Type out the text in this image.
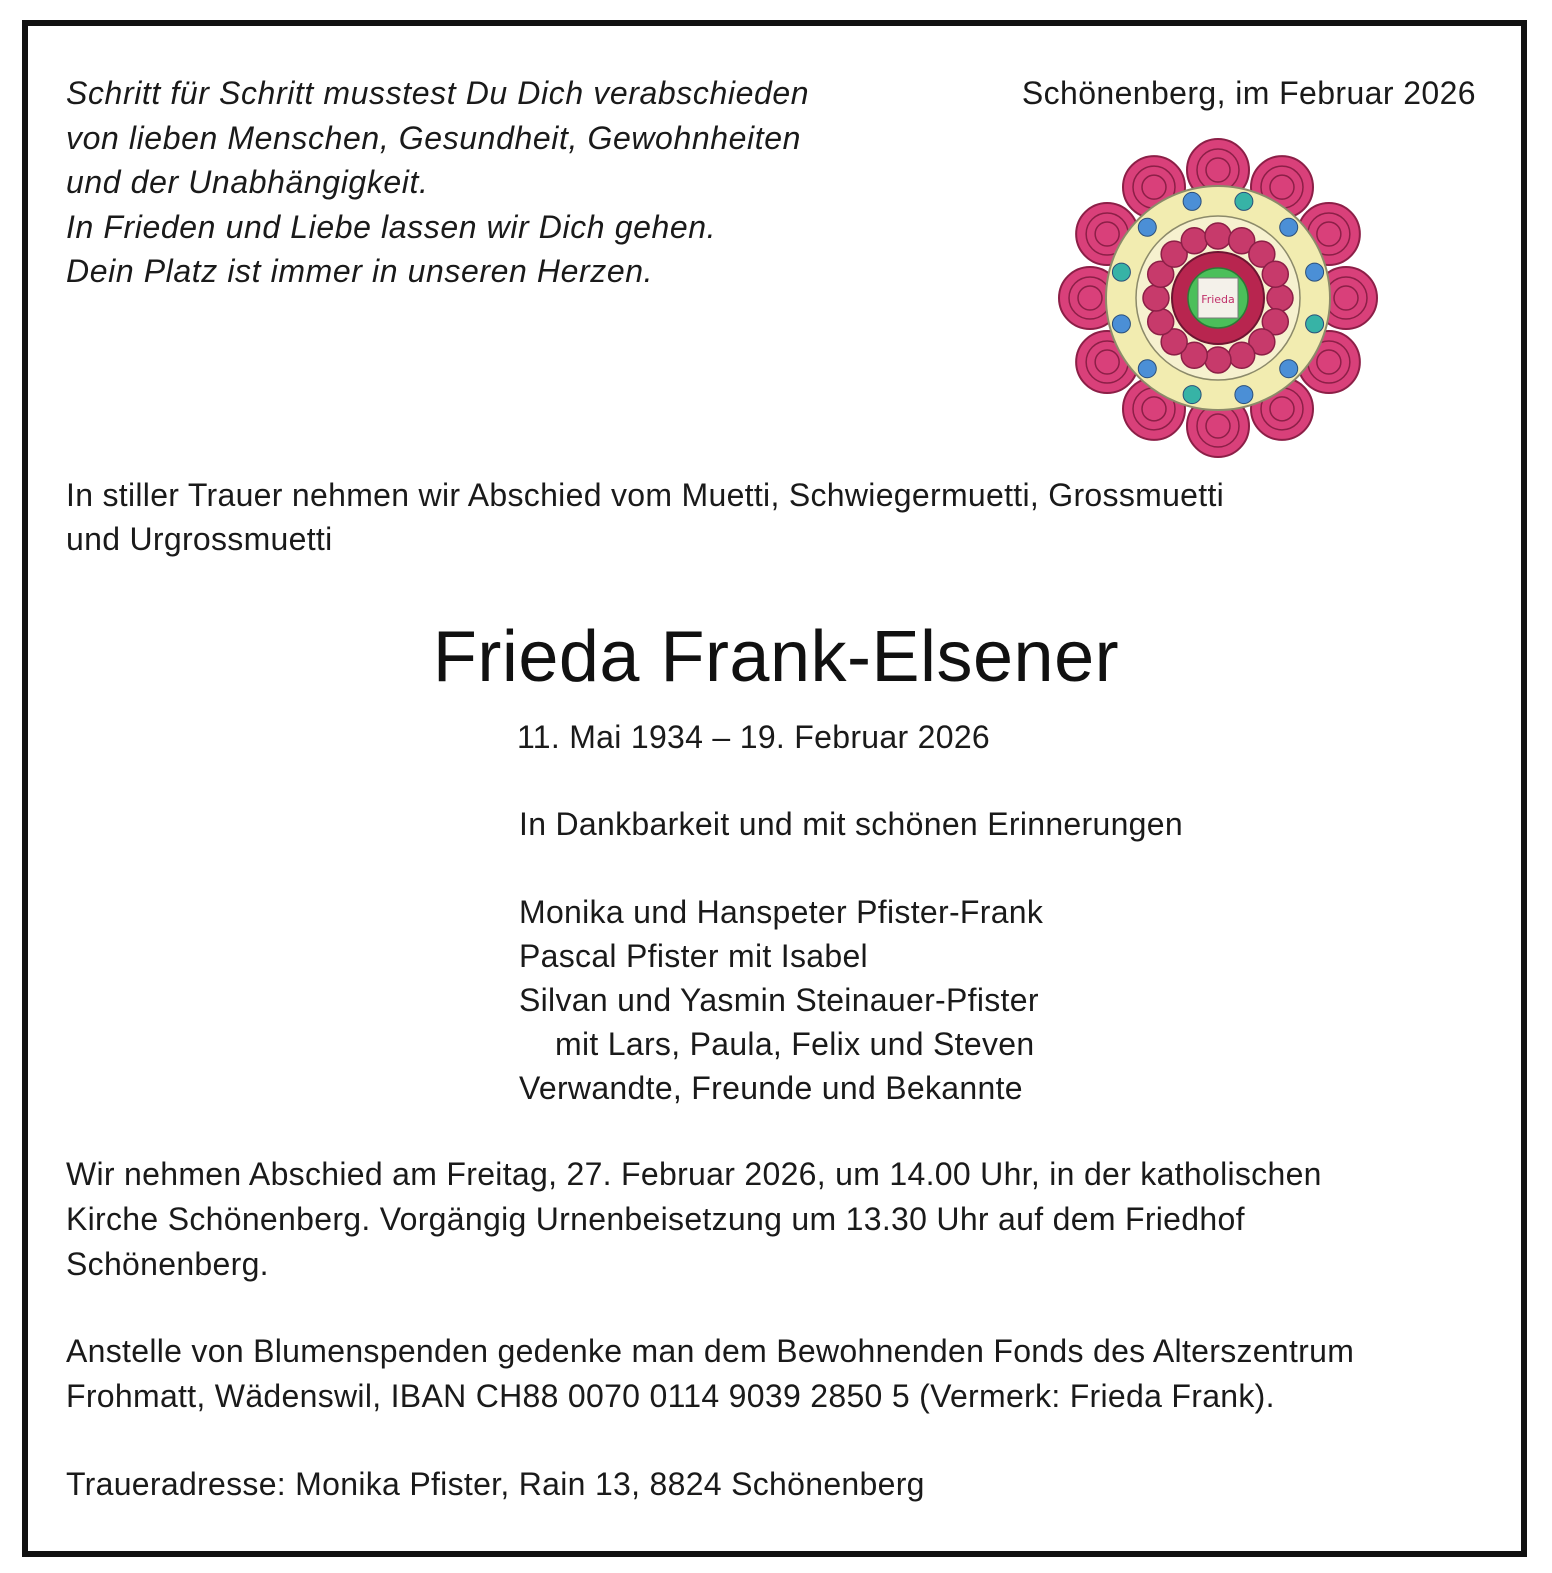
Schritt für Schritt musstest Du Dich verabschieden
von lieben Menschen, Gesundheit, Gewohnheiten
und der Unabhängigkeit.
In Frieden und Liebe lassen wir Dich gehen.
Dein Platz ist immer in unseren Herzen.
Schönenberg, im Februar 2026
Frieda
In stiller Trauer nehmen wir Abschied vom Muetti, Schwiegermuetti, Grossmuetti
und Urgrossmuetti
Frieda Frank-Elsener
11. Mai 1934 – 19. Februar 2026
In Dankbarkeit und mit schönen Erinnerungen
Monika und Hanspeter Pfister-Frank
Pascal Pfister mit Isabel
Silvan und Yasmin Steinauer-Pfister
mit Lars, Paula, Felix und Steven
Verwandte, Freunde und Bekannte
Wir nehmen Abschied am Freitag, 27. Februar 2026, um 14.00 Uhr, in der katholischen
Kirche Schönenberg. Vorgängig Urnenbeisetzung um 13.30 Uhr auf dem Friedhof
Schönenberg.
Anstelle von Blumenspenden gedenke man dem Bewohnenden Fonds des Alterszentrum
Frohmatt, Wädenswil, IBAN CH88 0070 0114 9039 2850 5 (Vermerk: Frieda Frank).
Traueradresse: Monika Pfister, Rain 13, 8824 Schönenberg
